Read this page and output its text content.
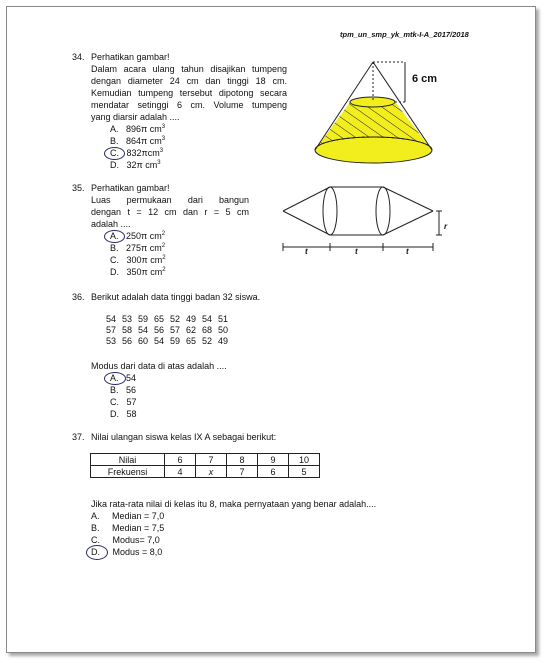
tpm_un_smp_yk_mtk-I-A_2017/2018
34. Perhatikan gambar!
Dalam acara ulang tahun disajikan tumpeng
dengan diameter 24 cm dan tinggi 18 cm.
Kemudian tumpeng tersebut dipotong secara
mendatar setinggi 6 cm. Volume tumpeng
yang diarsir adalah ....
A. 896π $cm^3$
B. 864π $cm^3$
C. 832πcm$^3$
D. 32π $cm^3$
6 cm
35. Perhatikan gambar!
Luas permukaan dari bangun
dengan t = 12 cm dan r = 5 cm
adalah ....
A. 250π $cm^2$
B. 275π $cm^2$
C. 300π $cm^2$
D. 350π $cm^2$
t	t	t
r
36. Berikut adalah data tinggi badan 32 siswa.
54 53 59 65 52 49 54 51
57 58 54 56 57 62 68 50
53 56 60 54 59 65 52 49
Modus dari data di atas adalah ....
A. 54
B. 56
C. 57
D. 58
37. Nilai ulangan siswa kelas IX A sebagai berikut:
Nilai	6	7	8	9	10
Frekuensi	4	x	7	6	5
Jika rata-rata nilai di kelas itu 8, maka pernyataan yang benar adalah....
A. Median = 7,0
B. Median = 7,5
C. Modus= 7,0
D. Modus = 8,0
